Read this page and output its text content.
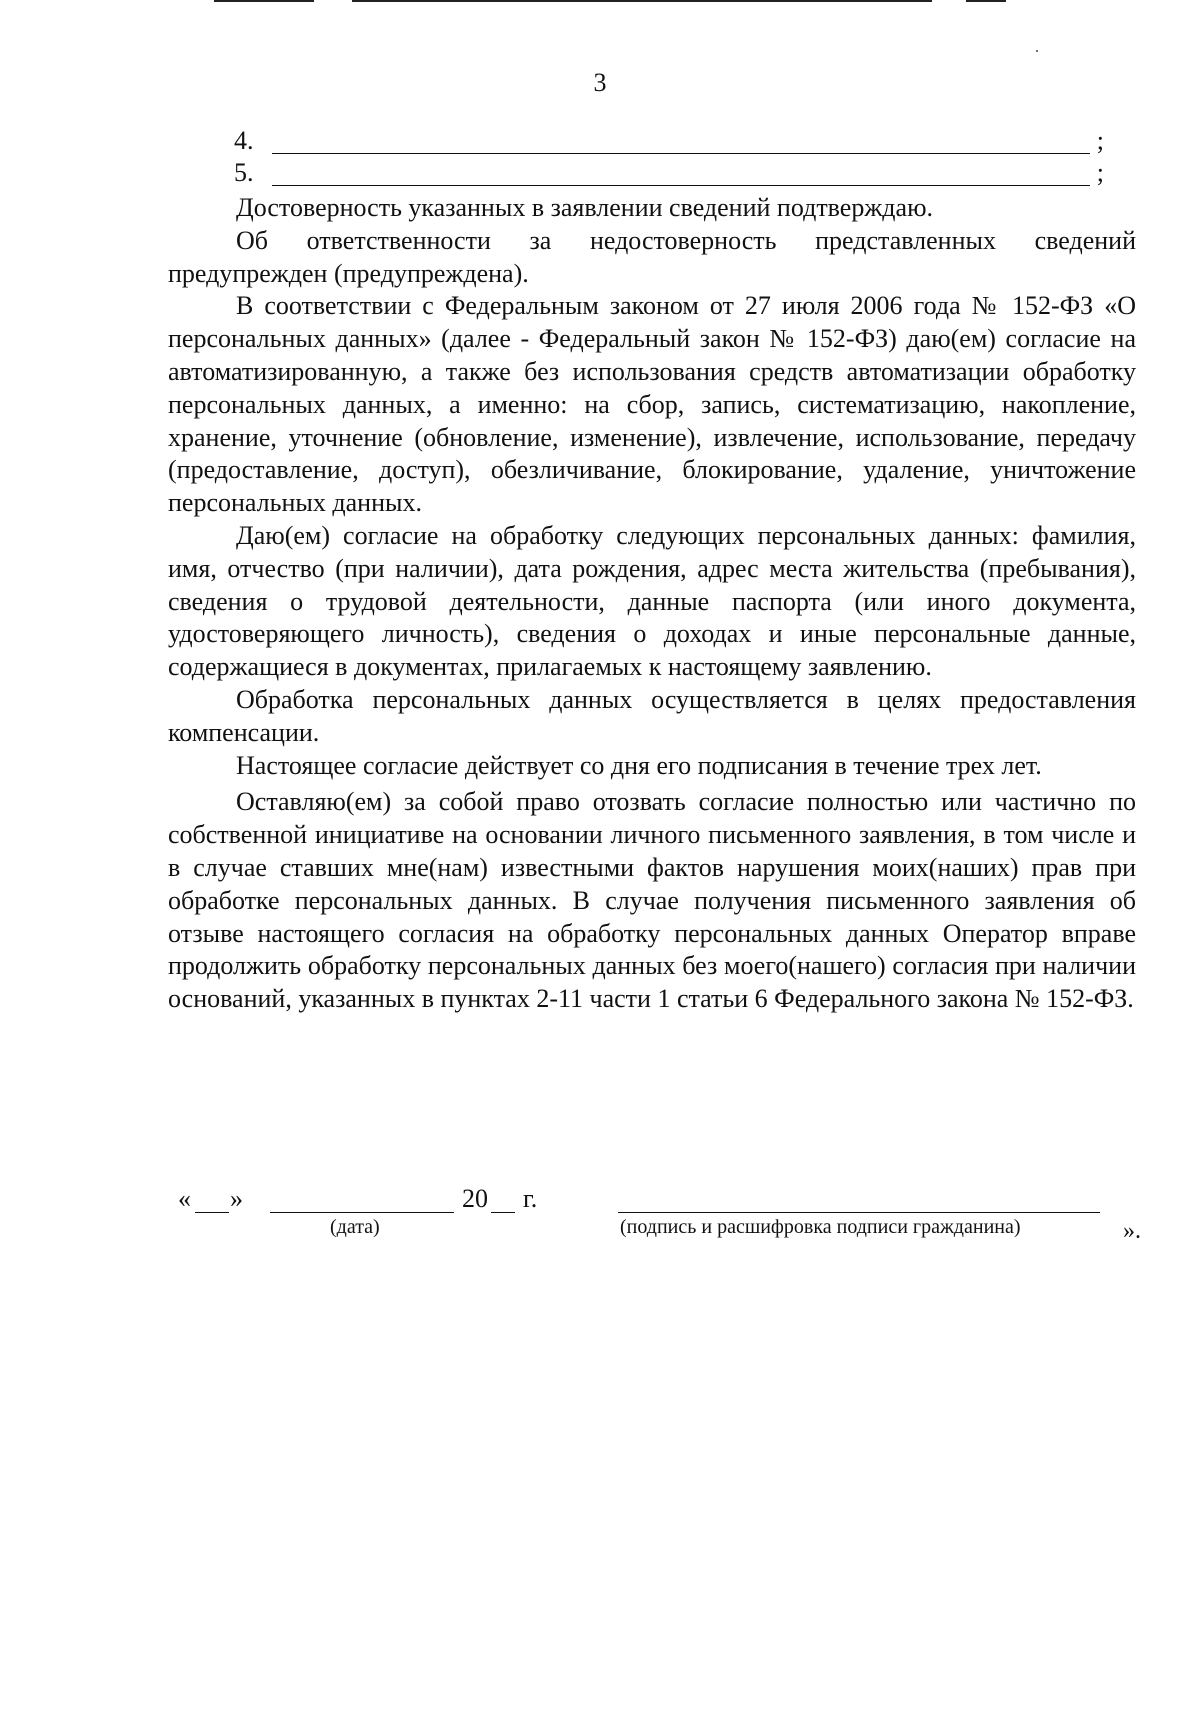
3
4.	;
5.	;

Достоверность указанных в заявлении сведений подтверждаю.

Об ответственности за недостоверность представленных сведений предупрежден (предупреждена).

В соответствии с Федеральным законом от 27 июля 2006 года № 152-ФЗ «О персональных данных» (далее - Федеральный закон № 152-ФЗ) даю(ем) согласие на автоматизированную, а также без использования средств автоматизации обработку персональных данных, а именно: на сбор, запись, систематизацию, накопление, хранение, уточнение (обновление, изменение), извлечение, использование, передачу (предоставление, доступ), обезличивание, блокирование, удаление, уничтожение персональных данных.

Даю(ем) согласие на обработку следующих персональных данных: фамилия, имя, отчество (при наличии), дата рождения, адрес места жительства (пребывания), сведения о трудовой деятельности, данные паспорта (или иного документа, удостоверяющего личность), сведения о доходах и иные персональные данные, содержащиеся в документах, прилагаемых к настоящему заявлению.

Обработка персональных данных осуществляется в целях предоставления компенсации.

Настоящее согласие действует со дня его подписания в течение трех лет.

Оставляю(ем) за собой право отозвать согласие полностью или частично по собственной инициативе на основании личного письменного заявления, в том числе и в случае ставших мне(нам) известными фактов нарушения моих(наших) прав при обработке персональных данных. В случае получения письменного заявления об отзыве настоящего согласия на обработку персональных данных Оператор вправе продолжить обработку персональных данных без моего(нашего) согласия при наличии оснований, указанных в пунктах 2-11 части 1 статьи 6 Федерального закона № 152-ФЗ.

« »	20 г.
(дата)	(подпись и расшифровка подписи гражданина)	».
